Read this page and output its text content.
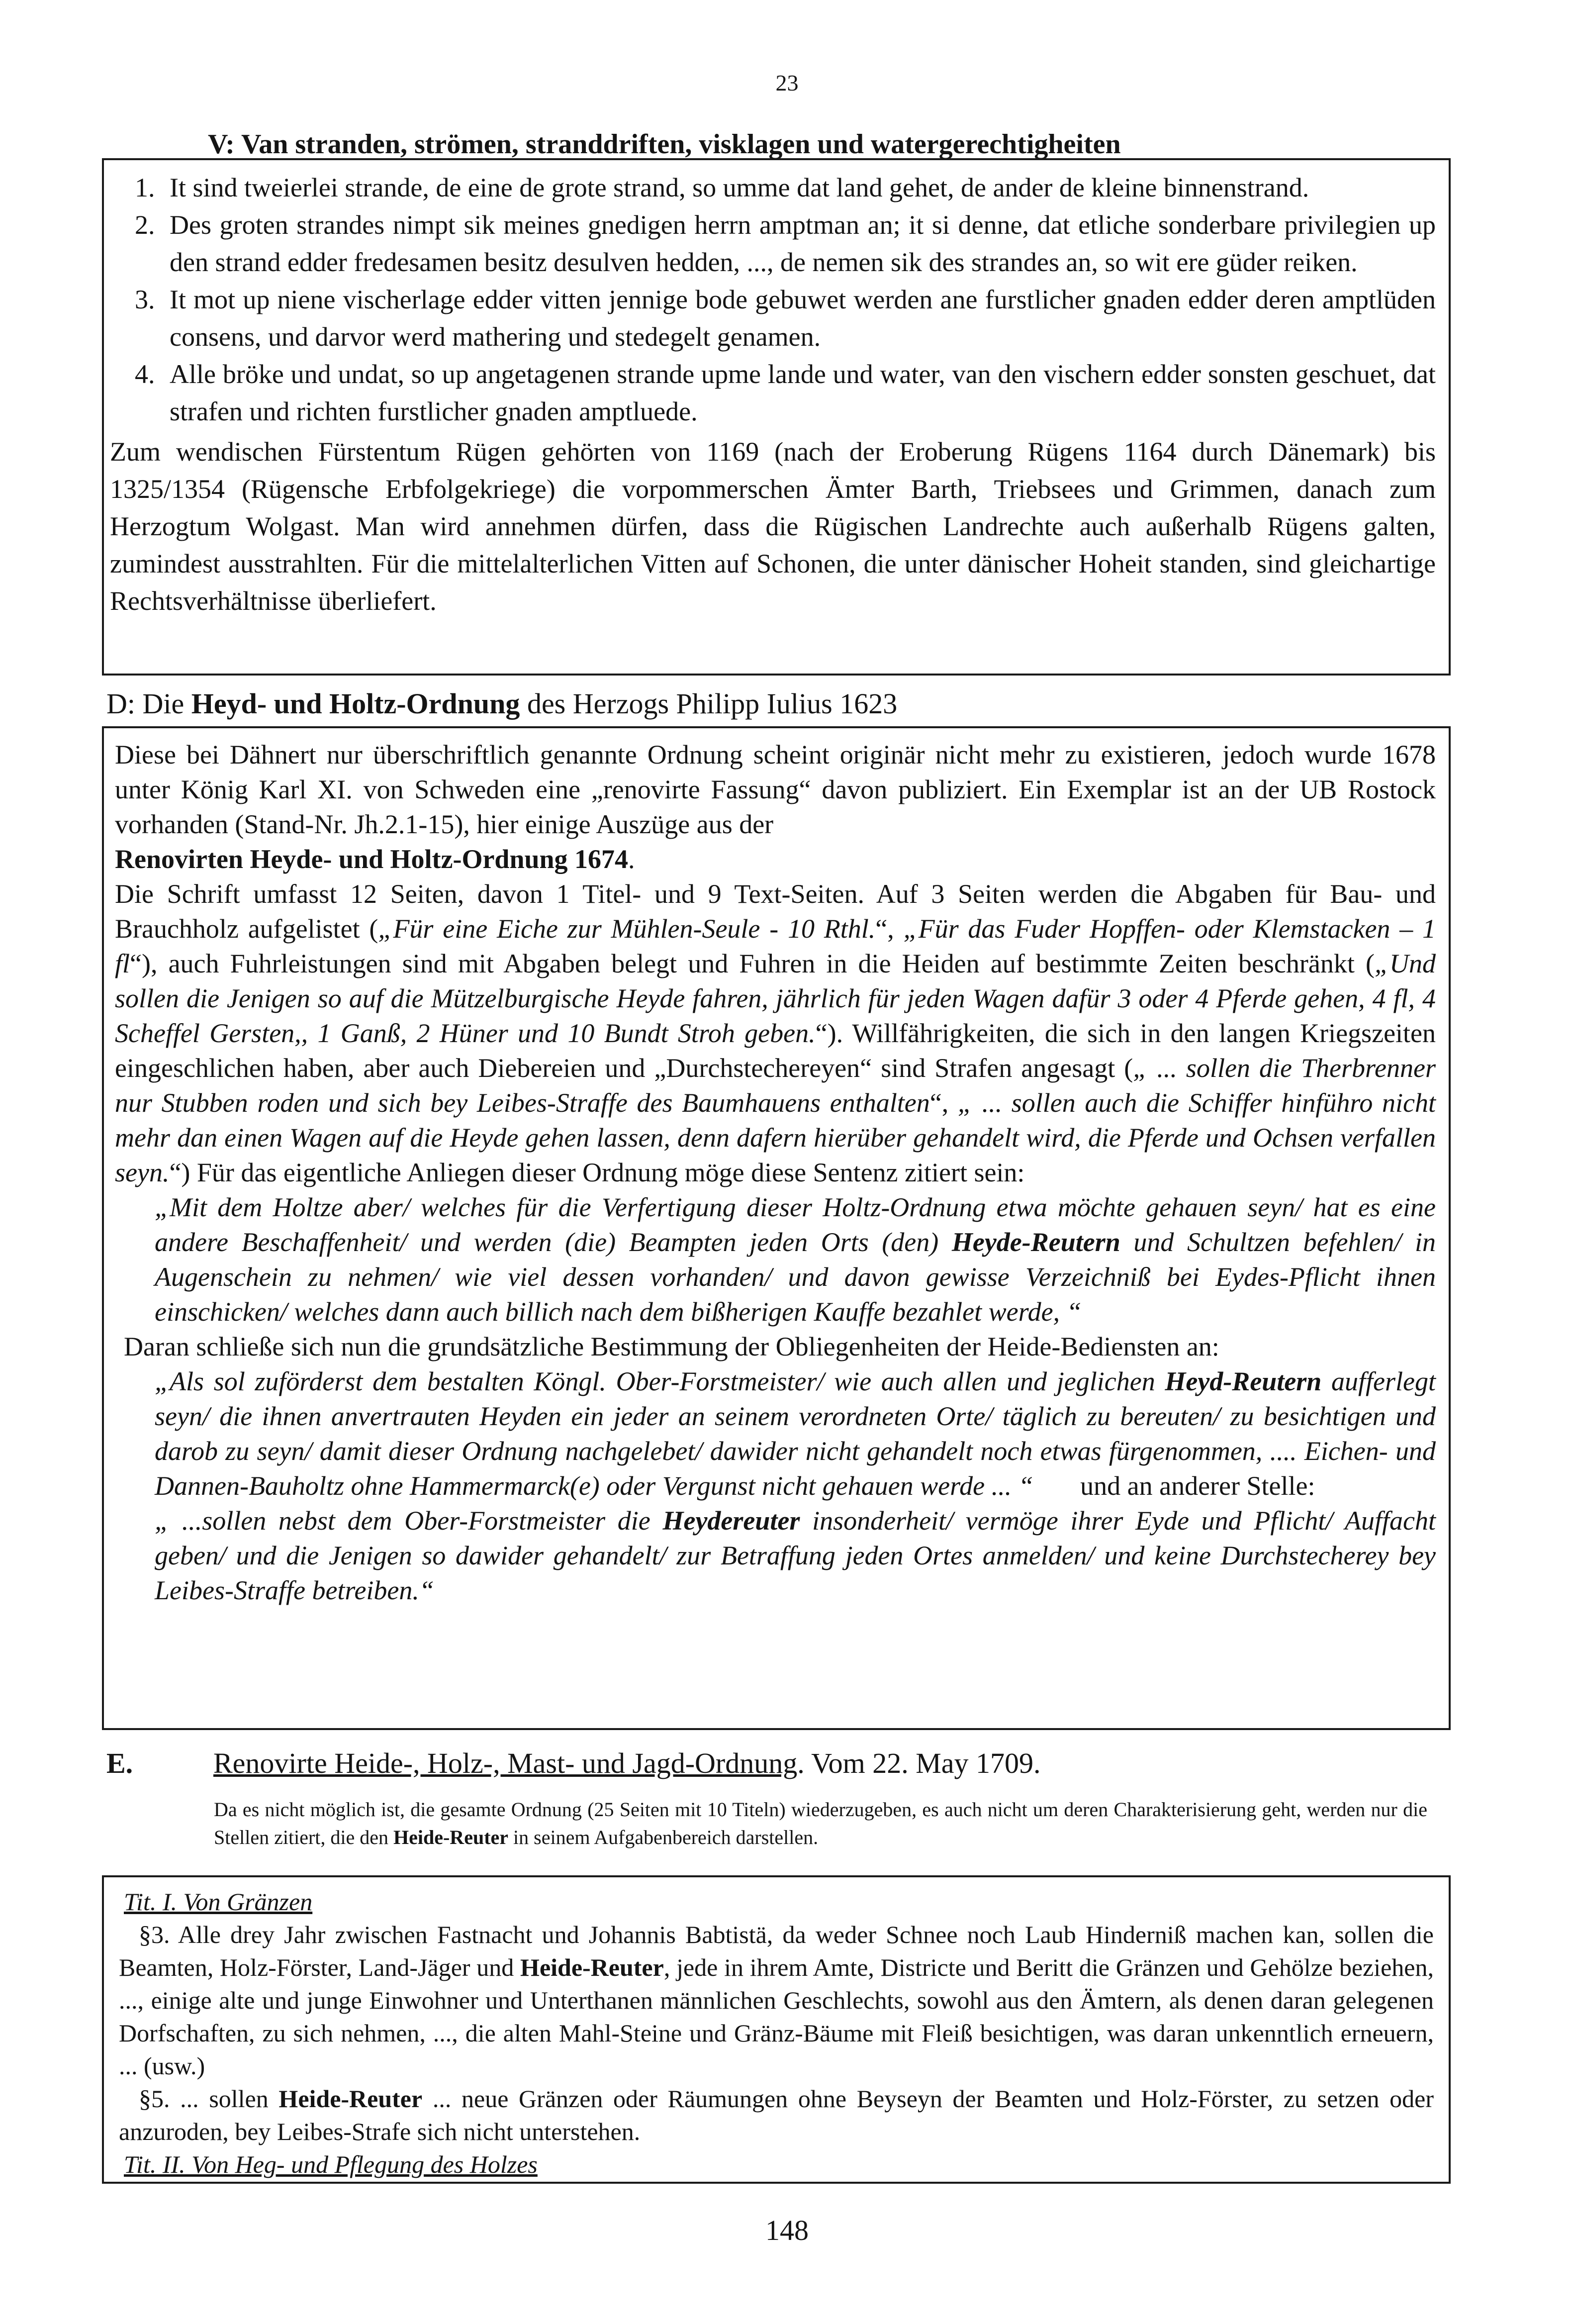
23
V: Van stranden, strömen, stranddriften, visklagen und watergerechtigheiten
1. It sind tweierlei strande, de eine de grote strand, so umme dat land gehet, de ander de kleine binnenstrand.
2. Des groten strandes nimpt sik meines gnedigen herrn amptman an; it si denne, dat etliche sonderbare privilegien up den strand edder fredesamen besitz desulven hedden, ..., de nemen sik des strandes an, so wit ere güder reiken.
3. It mot up niene vischerlage edder vitten jennige bode gebuwet werden ane furstlicher gnaden edder deren amptlüden consens, und darvor werd mathering und stedegelt genamen.
4. Alle bröke und undat, so up angetagenen strande upme lande und water, van den vischern edder sonsten geschuet, dat strafen und richten furstlicher gnaden amptluede.
Zum wendischen Fürstentum Rügen gehörten von 1169 (nach der Eroberung Rügens 1164 durch Dänemark) bis 1325/1354 (Rügensche Erbfolgekriege) die vorpommerschen Ämter Barth, Triebsees und Grimmen, danach zum Herzogtum Wolgast. Man wird annehmen dürfen, dass die Rügischen Landrechte auch außerhalb Rügens galten, zumindest ausstrahlten. Für die mittelalterlichen Vitten auf Schonen, die unter dänischer Hoheit standen, sind gleichartige Rechtsverhältnisse überliefert.
D: Die Heyd- und Holtz-Ordnung des Herzogs Philipp Iulius 1623

Diese bei Dähnert nur überschriftlich genannte Ordnung scheint originär nicht mehr zu existieren, jedoch wurde 1678 unter König Karl XI. von Schweden eine „renovirte Fassung“ davon publiziert. Ein Exemplar ist an der UB Rostock vorhanden (Stand-Nr. Jh.2.1-15), hier einige Auszüge aus der

Renovirten Heyde- und Holtz-Ordnung 1674.

Die Schrift umfasst 12 Seiten, davon 1 Titel- und 9 Text-Seiten. Auf 3 Seiten werden die Abgaben für Bau- und Brauchholz aufgelistet („Für eine Eiche zur Mühlen-Seule - 10 Rthl.“, „Für das Fuder Hopffen- oder Klemstacken – 1 fl“), auch Fuhrleistungen sind mit Abgaben belegt und Fuhren in die Heiden auf bestimmte Zeiten beschränkt („Und sollen die Jenigen so auf die Mützelburgische Heyde fahren, jährlich für jeden Wagen dafür 3 oder 4 Pferde gehen, 4 fl, 4 Scheffel Gersten,, 1 Ganß, 2 Hüner und 10 Bundt Stroh geben.“). Willfährigkeiten, die sich in den langen Kriegszeiten eingeschlichen haben, aber auch Diebereien und „Durchstechereyen“ sind Strafen angesagt („ ... sollen die Therbrenner nur Stubben roden und sich bey Leibes-Straffe des Baumhauens enthalten“, „ ... sollen auch die Schiffer hinführo nicht mehr dan einen Wagen auf die Heyde gehen lassen, denn dafern hierüber gehandelt wird, die Pferde und Ochsen verfallen seyn.“) Für das eigentliche Anliegen dieser Ordnung möge diese Sentenz zitiert sein:

„Mit dem Holtze aber/ welches für die Verfertigung dieser Holtz-Ordnung etwa möchte gehauen seyn/ hat es eine andere Beschaffenheit/ und werden (die) Beampten jeden Orts (den) Heyde-Reutern und Schultzen befehlen/ in Augenschein zu nehmen/ wie viel dessen vorhanden/ und davon gewisse Verzeichniß bei Eydes-Pflicht ihnen einschicken/ welches dann auch billich nach dem bißherigen Kauffe bezahlet werde, “

Daran schließe sich nun die grundsätzliche Bestimmung der Obliegenheiten der Heide-Bediensten an:

„Als sol zuförderst dem bestalten Köngl. Ober-Forstmeister/ wie auch allen und jeglichen Heyd-Reutern aufferlegt seyn/ die ihnen anvertrauten Heyden ein jeder an seinem verordneten Orte/ täglich zu bereuten/ zu besichtigen und darob zu seyn/ damit dieser Ordnung nachgelebet/ dawider nicht gehandelt noch etwas fürgenommen, .... Eichen- und Dannen-Bauholtz ohne Hammermarck(e) oder Vergunst nicht gehauen werde ... “       und an anderer Stelle:

„ ...sollen nebst dem Ober-Forstmeister die Heydereuter insonderheit/ vermöge ihrer Eyde und Pflicht/ Auffacht geben/ und die Jenigen so dawider gehandelt/ zur Betraffung jeden Ortes anmelden/ und keine Durchstecherey bey Leibes-Straffe betreiben.“

E.	Renovirte Heide-, Holz-, Mast- und Jagd-Ordnung. Vom 22. May 1709.
Da es nicht möglich ist, die gesamte Ordnung (25 Seiten mit 10 Titeln) wiederzugeben, es auch nicht um deren Charakterisierung geht, werden nur die Stellen zitiert, die den Heide-Reuter in seinem Aufgabenbereich darstellen.

Tit. I. Von Gränzen

§3. Alle drey Jahr zwischen Fastnacht und Johannis Babtistä, da weder Schnee noch Laub Hinderniß machen kan, sollen die Beamten, Holz-Förster, Land-Jäger und Heide-Reuter, jede in ihrem Amte, Districte und Beritt die Gränzen und Gehölze beziehen, ..., einige alte und junge Einwohner und Unterthanen männlichen Geschlechts, sowohl aus den Ämtern, als denen daran gelegenen Dorfschaften, zu sich nehmen, ..., die alten Mahl-Steine und Gränz-Bäume mit Fleiß besichtigen, was daran unkenntlich erneuern, ... (usw.)

§5. ... sollen Heide-Reuter ... neue Gränzen oder Räumungen ohne Beyseyn der Beamten und Holz-Förster, zu setzen oder anzuroden, bey Leibes-Strafe sich nicht unterstehen.

Tit. II. Von Heg- und Pflegung des Holzes

148
